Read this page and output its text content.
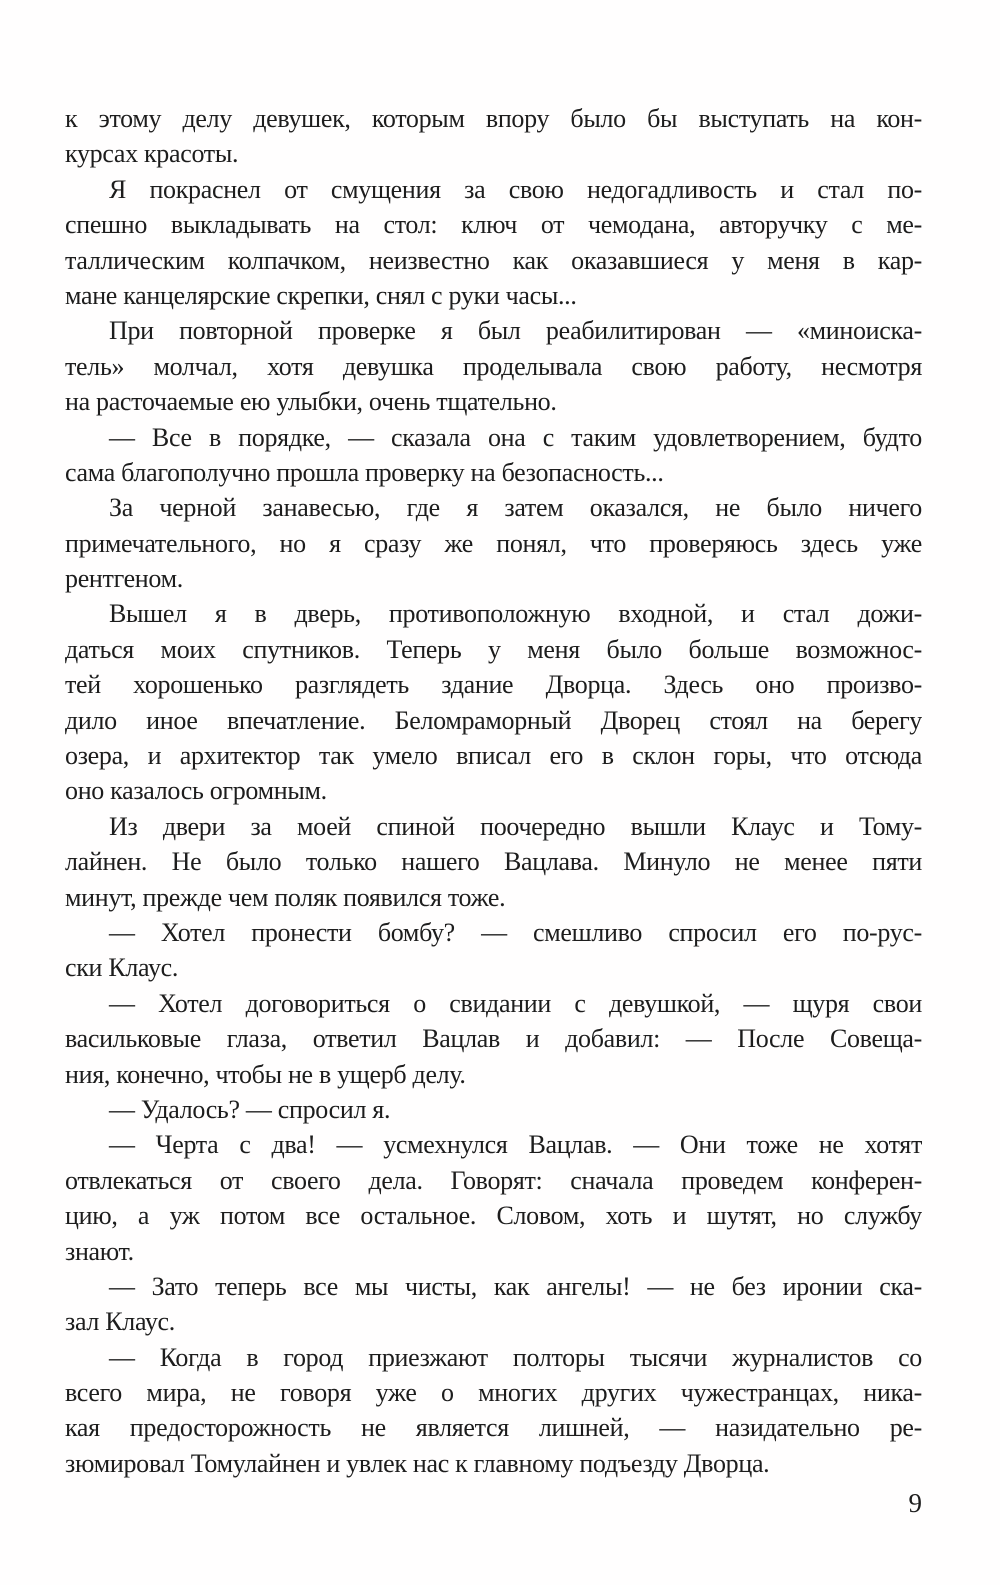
к этому делу девушек, которым впору было бы выступать на кон-
курсах красоты.
Я покраснел от смущения за свою недогадливость и стал по-
спешно выкладывать на стол: ключ от чемодана, авторучку с ме-
таллическим колпачком, неизвестно как оказавшиеся у меня в кар-
мане канцелярские скрепки, снял с руки часы...
При повторной проверке я был реабилитирован — «миноиска-
тель» молчал, хотя девушка проделывала свою работу, несмотря
на расточаемые ею улыбки, очень тщательно.
— Все в порядке, — сказала она с таким удовлетворением, будто
сама благополучно прошла проверку на безопасность...
За черной занавесью, где я затем оказался, не было ничего
примечательного, но я сразу же понял, что проверяюсь здесь уже
рентгеном.
Вышел я в дверь, противоположную входной, и стал дожи-
даться моих спутников. Теперь у меня было больше возможнос-
тей хорошенько разглядеть здание Дворца. Здесь оно произво-
дило иное впечатление. Беломраморный Дворец стоял на берегу
озера, и архитектор так умело вписал его в склон горы, что отсюда
оно казалось огромным.
Из двери за моей спиной поочередно вышли Клаус и Тому-
лайнен. Не было только нашего Вацлава. Минуло не менее пяти
минут, прежде чем поляк появился тоже.
— Хотел пронести бомбу? — смешливо спросил его по-рус-
ски Клаус.
— Хотел договориться о свидании с девушкой, — щуря свои
васильковые глаза, ответил Вацлав и добавил: — После Совеща-
ния, конечно, чтобы не в ущерб делу.
— Удалось? — спросил я.
— Черта с два! — усмехнулся Вацлав. — Они тоже не хотят
отвлекаться от своего дела. Говорят: сначала проведем конферен-
цию, а уж потом все остальное. Словом, хоть и шутят, но службу
знают.
— Зато теперь все мы чисты, как ангелы! — не без иронии ска-
зал Клаус.
— Когда в город приезжают полторы тысячи журналистов со
всего мира, не говоря уже о многих других чужестранцах, ника-
кая предосторожность не является лишней, — назидательно ре-
зюмировал Томулайнен и увлек нас к главному подъезду Дворца.
9
